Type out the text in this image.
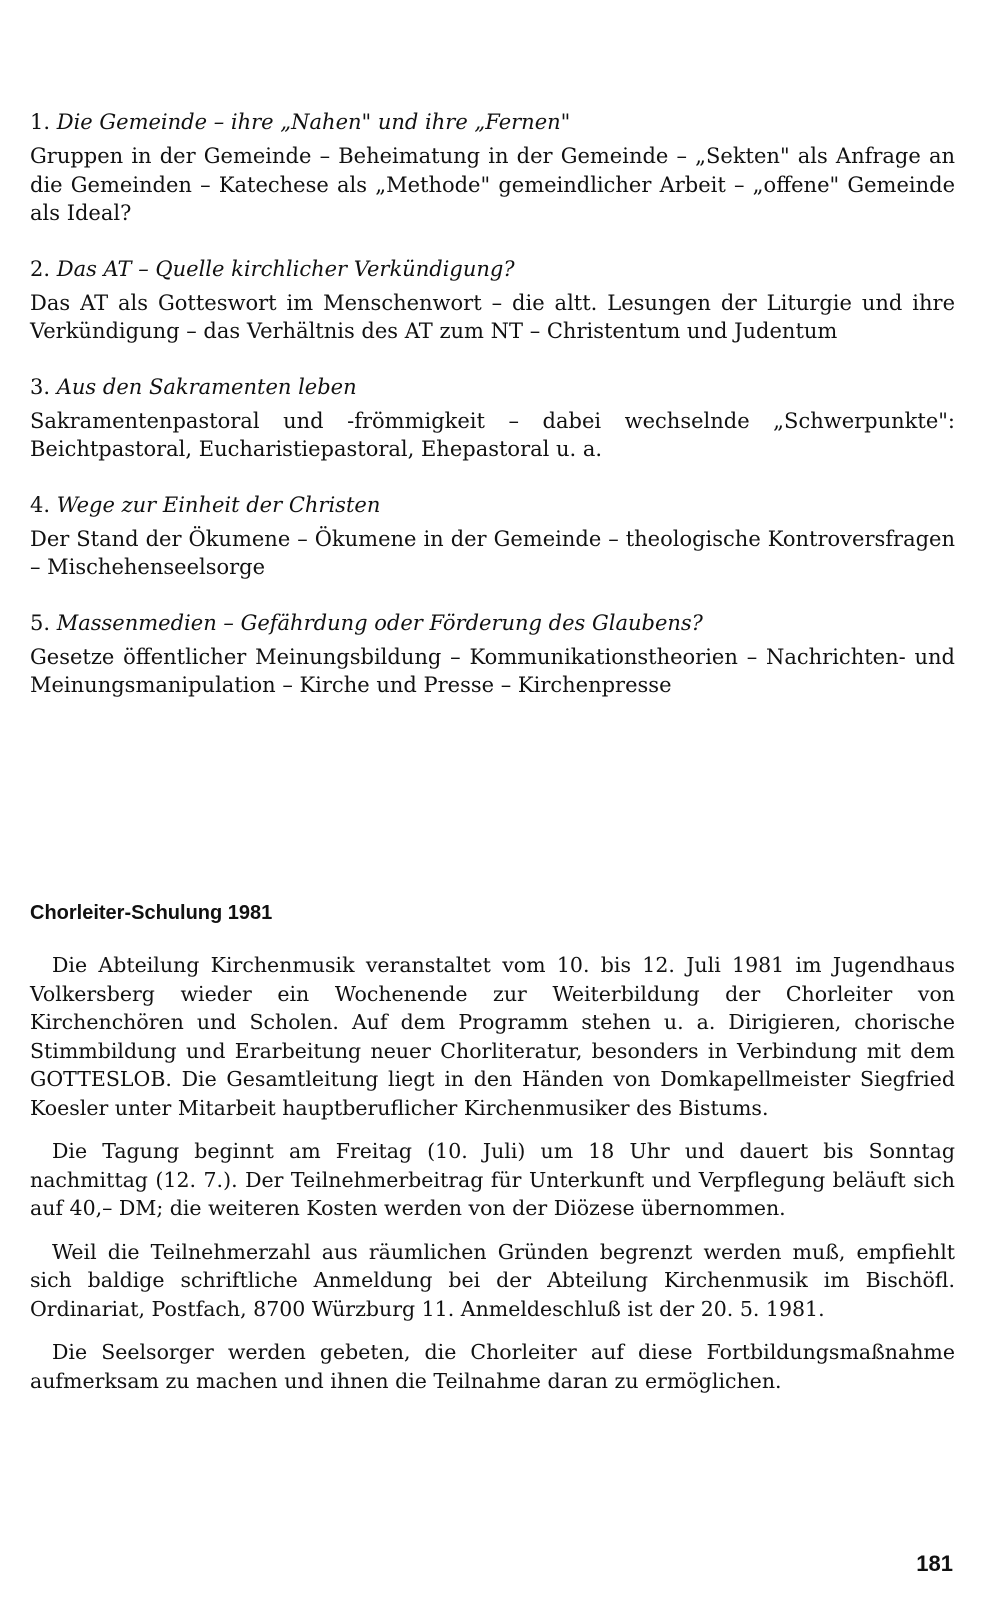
1. Die Gemeinde – ihre „Nahen" und ihre „Fernen"
Gruppen in der Gemeinde – Beheimatung in der Gemeinde – „Sekten" als Anfrage an die Gemeinden – Katechese als „Methode" gemeindlicher Arbeit – „offene" Gemeinde als Ideal?
2. Das AT – Quelle kirchlicher Verkündigung?
Das AT als Gotteswort im Menschenwort – die altt. Lesungen der Liturgie und ihre Verkündigung – das Verhältnis des AT zum NT – Christentum und Judentum
3. Aus den Sakramenten leben
Sakramentenpastoral und -frömmigkeit – dabei wechselnde „Schwerpunkte": Beichtpastoral, Eucharistiepastoral, Ehepastoral u. a.
4. Wege zur Einheit der Christen
Der Stand der Ökumene – Ökumene in der Gemeinde – theologische Kontroversfragen – Mischehenseelsorge
5. Massenmedien – Gefährdung oder Förderung des Glaubens?
Gesetze öffentlicher Meinungsbildung – Kommunikationstheorien – Nachrichten- und Meinungsmanipulation – Kirche und Presse – Kirchenpresse
Chorleiter-Schulung 1981

Die Abteilung Kirchenmusik veranstaltet vom 10. bis 12. Juli 1981 im Jugendhaus Volkersberg wieder ein Wochenende zur Weiterbildung der Chorleiter von Kirchenchören und Scholen. Auf dem Programm stehen u. a. Dirigieren, chorische Stimmbildung und Erarbeitung neuer Chorliteratur, besonders in Verbindung mit dem GOTTESLOB. Die Gesamtleitung liegt in den Händen von Domkapellmeister Siegfried Koesler unter Mitarbeit hauptberuflicher Kirchenmusiker des Bistums.

Die Tagung beginnt am Freitag (10. Juli) um 18 Uhr und dauert bis Sonntag nachmittag (12. 7.). Der Teilnehmerbeitrag für Unterkunft und Verpflegung beläuft sich auf 40,– DM; die weiteren Kosten werden von der Diözese übernommen.

Weil die Teilnehmerzahl aus räumlichen Gründen begrenzt werden muß, empfiehlt sich baldige schriftliche Anmeldung bei der Abteilung Kirchenmusik im Bischöfl. Ordinariat, Postfach, 8700 Würzburg 11. Anmeldeschluß ist der 20. 5. 1981.

Die Seelsorger werden gebeten, die Chorleiter auf diese Fortbildungsmaßnahme aufmerksam zu machen und ihnen die Teilnahme daran zu ermöglichen.

181
